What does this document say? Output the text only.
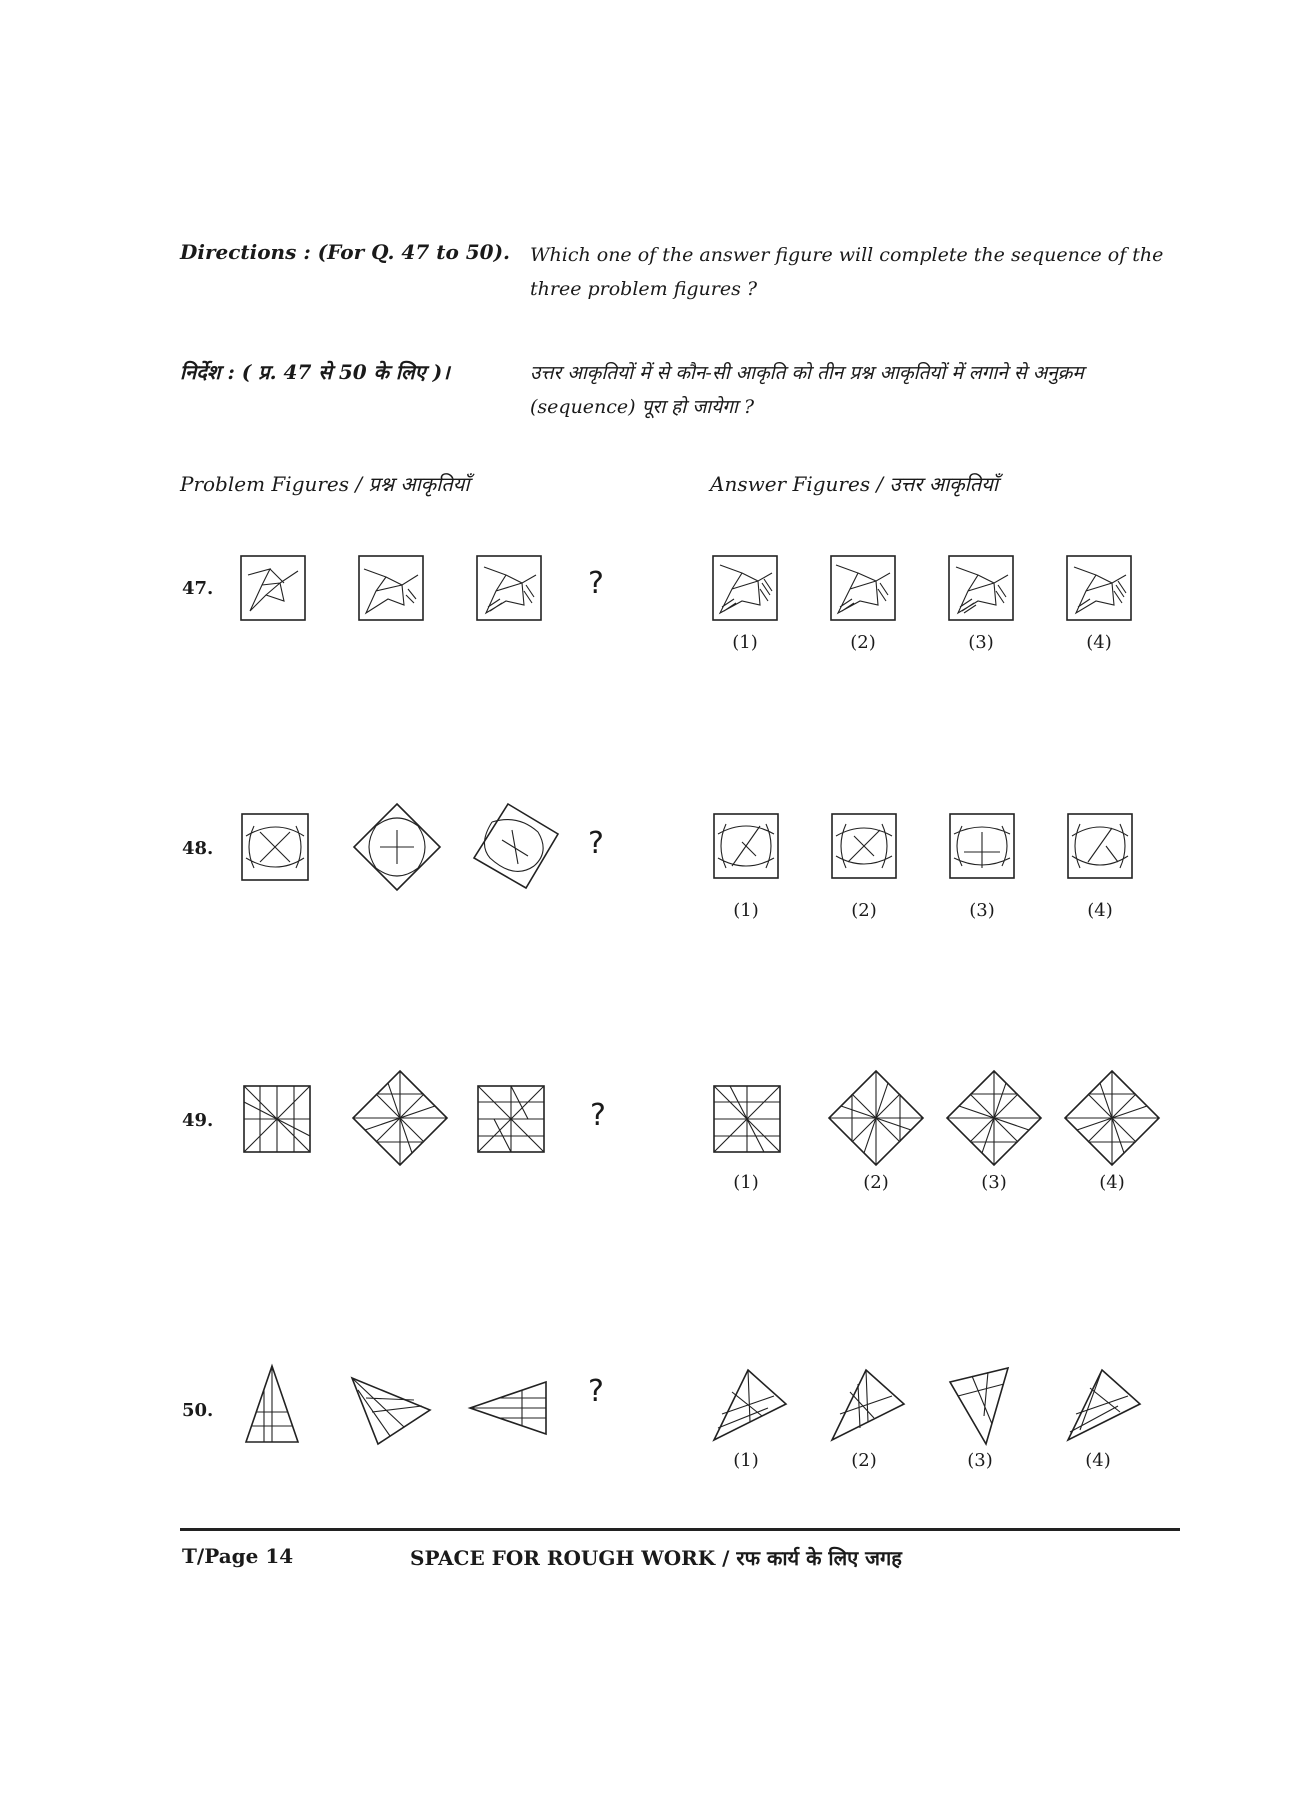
Directions : (For Q. 47 to 50). Which one of the answer figure will complete the sequence of the three problem figures ?
निर्देश : ( प्र. 47 से 50 के लिए )।	उत्तर आकृतियों में से कौन-सी आकृति को तीन प्रश्न आकृतियों में लगाने से अनुक्रम (sequence) पूरा हो जायेगा ?
Problem Figures / प्रश्न आकृतियाँ	Answer Figures / उत्तर आकृतियाँ
47.	?
(1)	(2)	(3)	(4)
48.	?
(1)	(2)	(3)	(4)
49.	?
(1)	(2)	(3)	(4)
50.
?
(1)	(2)	(3)	(4)
T/Page 14	SPACE FOR ROUGH WORK / रफ कार्य के लिए जगह
